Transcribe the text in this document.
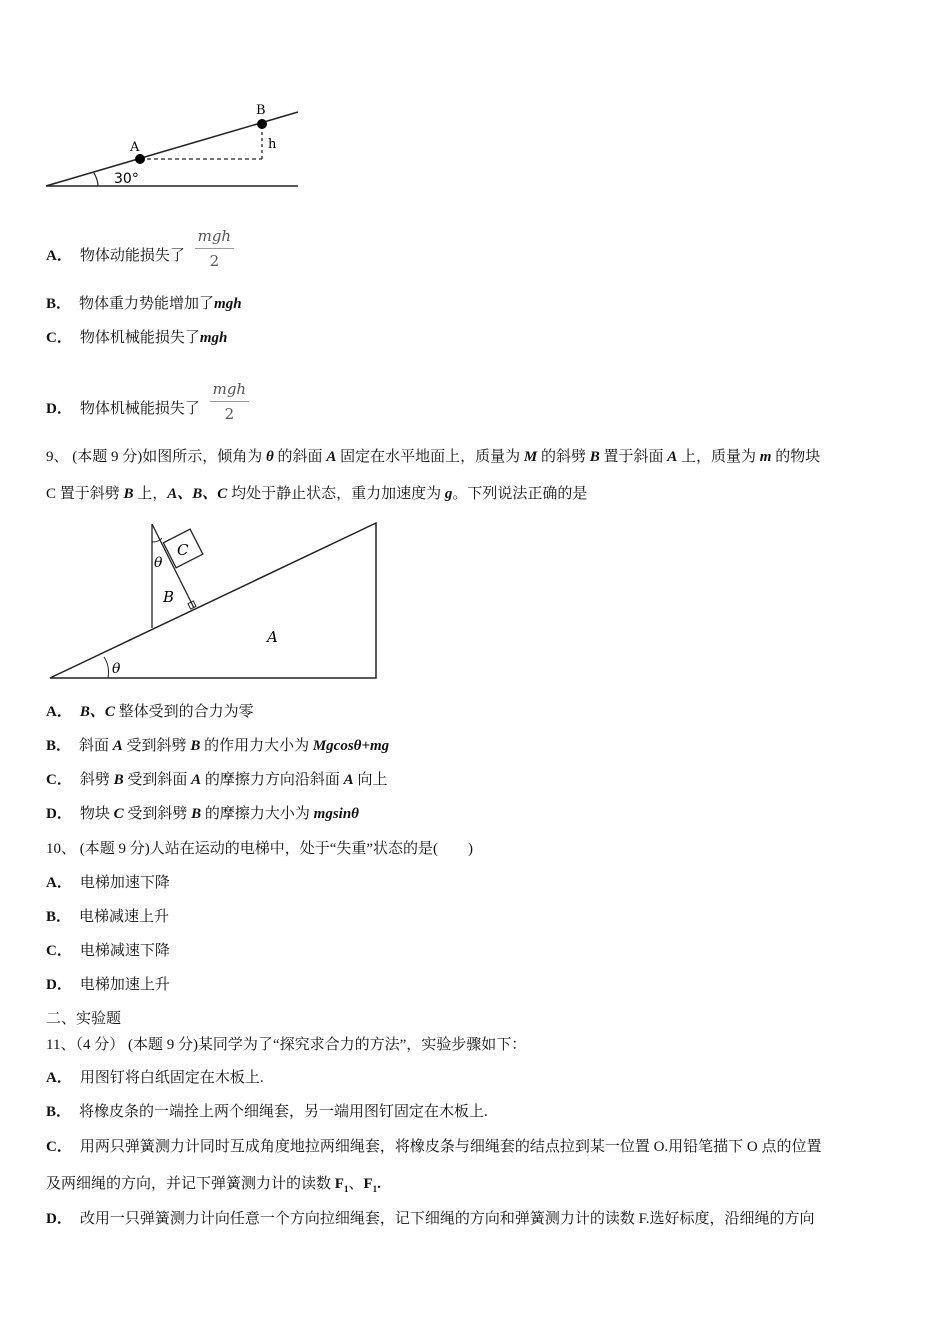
A
B
h
30°
A． 物体动能损失了 $\frac{\text{mgh}}{2}$
B． 物体重力势能增加了mgh
C． 物体机械能损失了mgh
D． 物体机械能损失了 $\frac{\text{mgh}}{2}$
9、 (本题 9 分)如图所示，倾角为 θ 的斜面 A 固定在水平地面上，质量为 M 的斜劈 B 置于斜面 A 上，质量为 m 的物块
C 置于斜劈 B 上，A、B、C 均处于静止状态，重力加速度为 g。下列说法正确的是
C
θ
B
A
θ
A． B、C 整体受到的合力为零
B． 斜面 A 受到斜劈 B 的作用力大小为 Mgcosθ+mg
C． 斜劈 B 受到斜面 A 的摩擦力方向沿斜面 A 向上
D． 物块 C 受到斜劈 B 的摩擦力大小为 mgsinθ
10、 (本题 9 分)人站在运动的电梯中，处于“失重”状态的是(　　)
A． 电梯加速下降
B． 电梯减速上升
C． 电梯减速下降
D． 电梯加速上升
二、实验题
11、（4 分） (本题 9 分)某同学为了“探究求合力的方法”，实验步骤如下：
A． 用图钉将白纸固定在木板上.
B． 将橡皮条的一端拴上两个细绳套，另一端用图钉固定在木板上.
C． 用两只弹簧测力计同时互成角度地拉两细绳套，将橡皮条与细绳套的结点拉到某一位置 O.用铅笔描下 O 点的位置
及两细绳的方向，并记下弹簧测力计的读数 $F_1$、$F_1$.
D． 改用一只弹簧测力计向任意一个方向拉细绳套，记下细绳的方向和弹簧测力计的读数 F.选好标度，沿细绳的方向
